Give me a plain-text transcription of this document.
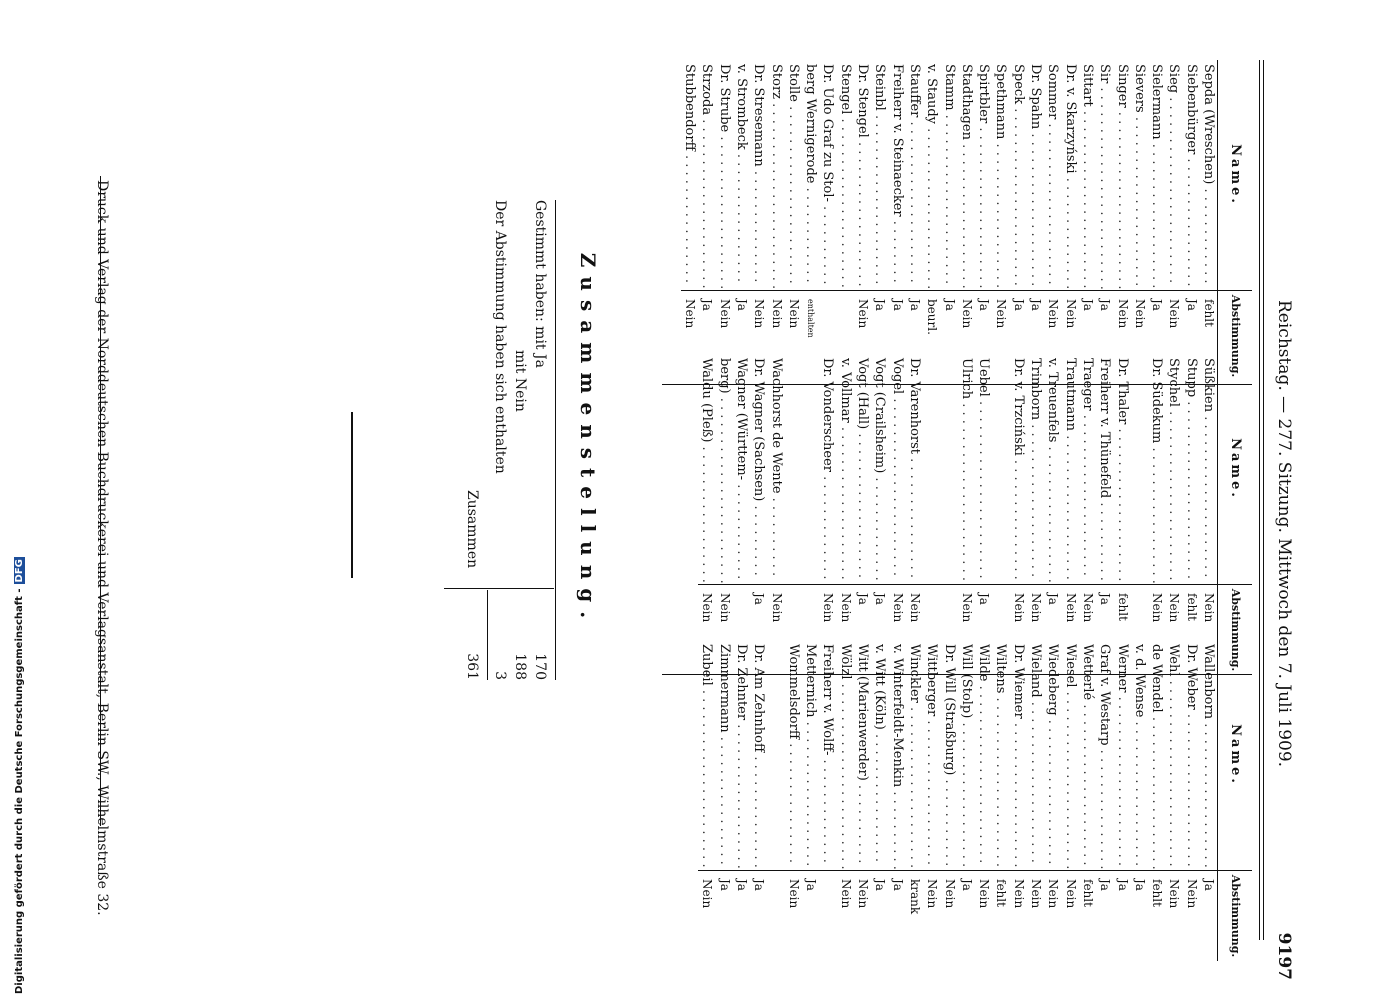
Reichstag. — 277. Sitzung. Mittwoch den 7. Juli 1909.
9197
Name.
Abstimmung.
Sepda (Wreschen) . . .
fehlt
Siebenbürger . . .
Ja
Sieg . . .
Nein
Sielermann . . .
Ja
Sievers . . .
Nein
Singer . . .
Nein
Sir . . .
Ja
Sittart . . .
Ja
Dr. v. Skarzyński . . .
Nein
Sommer . . .
Nein
Dr. Spahn . . .
Ja
Speck . . .
Ja
Spethmann . . .
Nein
Spirtbler . . .
Ja
Stadthagen . . .
Nein
Stamm . . .
Ja
v. Staudy . . .
beurl.
Stauffer . . .
Ja
Freiherr v. Steinaecker . . .
Ja
Steinbl . . .
Ja
Dr. Stengel . . .
Nein
Stengel . . .
Dr. Udo Graf zu Stol- . . .
berg Wernigerode . . .
enthalten
Stolle . . .
Nein
Storz . . .
Nein
Dr. Stresemann . . .
Nein
v. Strombeck . . .
Ja
Dr. Strube . . .
Nein
Strzoda . . .
Ja
Stubbendorff . . .
Nein
Name.
Abstimmung.
Süßkien . . .
Nein
Stupp . . .
fehlt
Stychel . . .
Nein
Dr. Südekum . . .
Nein
Dr. Thaler . . .
fehlt
Freiherr v. Thünefeld . . .
Ja
Traeger . . .
Nein
Trautmann . . .
Nein
v. Treuenfels . . .
Ja
Trimborn . . .
Nein
Dr. v. Trzciński . . .
Nein
Uebel . . .
Ja
Ulrich . . .
Nein
Dr. Varenhorst . . .
Nein
Vogel . . .
Nein
Vogt (Crailsheim) . . .
Ja
Vogt (Hall) . . .
Ja
v. Vollmar . . .
Nein
Dr. Vonderscheer . . .
Nein
Wachhorst de Wente . . .
Nein
Dr. Wagner (Sachsen) . . .
Ja
Wagner (Württem- . . .
berg) . . .
Nein
Waldu (Pleß) . . .
Nein
Name.
Abstimmung.
Wallenborn . . .
Ja
Dr. Weber . . .
Nein
Wehl . . .
Nein
de Wendel . . .
fehlt
v. d. Wense . . .
Ja
Werner . . .
Ja
Graf v. Westarp . . .
Ja
Wetterlé . . .
fehlt
Wiesel . . .
Nein
Wiedeberg . . .
Nein
Wieland . . .
Nein
Dr. Wiemer . . .
Nein
Wiltens . . .
fehlt
Wilde . . .
Nein
Will (Stolp) . . .
Ja
Dr. Will (Straßburg) . . .
Nein
Wittberger . . .
Nein
Winckler . . .
krank
v. Winterfeldt-Menkin . . .
Ja
v. Witt (Köln) . . .
Ja
Witt (Marienwerder) . . .
Nein
Wölzl . . .
Nein
Freiherr v. Wolff- . . .
Metternich . . .
Ja
Wommelsdorff . . .
Nein
Dr. Am Zehnhoff . . .
Ja
Dr. Zehnter . . .
Ja
Zimmermann . . .
Ja
Zubeil . . .
Nein
Zusammenstellung.
Gestimmt haben: mit Ja
170
mit Nein
188
Der Abstimmung haben sich enthalten
3
Zusammen
361
Druck und Verlag der Norddeutschen Buchdruckerei und Verlagsanstalt, Berlin SW., Wilhelmstraße 32.
Digitalisierung gefördert durch die Deutsche Forschungsgemeinschaft -DFG
